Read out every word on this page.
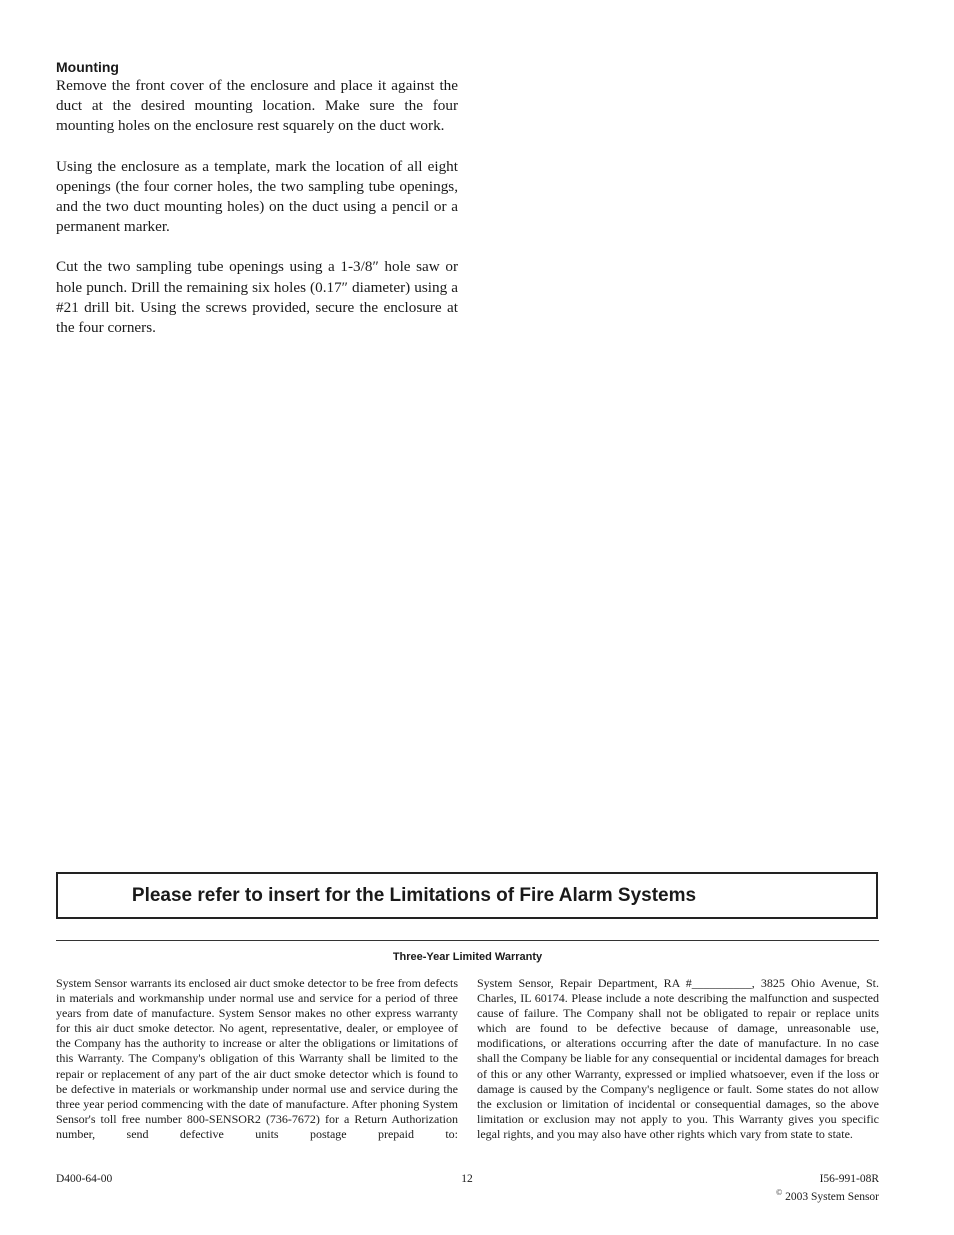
Mounting

Remove the front cover of the enclosure and place it against the duct at the desired mounting location. Make sure the four mounting holes on the enclosure rest squarely on the duct work.

Using the enclosure as a template, mark the location of all eight openings (the four corner holes, the two sampling tube openings, and the two duct mounting holes) on the duct using a pencil or a permanent marker.

Cut the two sampling tube openings using a 1-3/8″ hole saw or hole punch. Drill the remaining six holes (0.17″ diameter) using a #21 drill bit. Using the screws provided, secure the enclosure at the four corners.

Please refer to insert for the Limitations of Fire Alarm Systems
Three-Year Limited Warranty

System Sensor warrants its enclosed air duct smoke detector to be free from defects in materials and workmanship under normal use and service for a period of three years from date of manufacture. System Sensor makes no other express warranty for this air duct smoke detector. No agent, representative, dealer, or employee of the Company has the authority to increase or alter the obligations or limitations of this Warranty. The Company's obligation of this Warranty shall be limited to the repair or replacement of any part of the air duct smoke detector which is found to be defective in materials or workmanship under normal use and service during the three year period commencing with the date of manufacture. After phoning System Sensor's toll free number 800-SENSOR2 (736-7672) for a Return Authorization number, send defective units postage prepaid to:

System Sensor, Repair Department, RA #__________, 3825 Ohio Avenue, St. Charles, IL 60174. Please include a note describing the malfunction and suspected cause of failure. The Company shall not be obligated to repair or replace units which are found to be defective because of damage, unreasonable use, modifications, or alterations occurring after the date of manufacture. In no case shall the Company be liable for any consequential or incidental damages for breach of this or any other Warranty, expressed or implied whatsoever, even if the loss or damage is caused by the Company's negligence or fault. Some states do not allow the exclusion or limitation of incidental or consequential damages, so the above limitation or exclusion may not apply to you. This Warranty gives you specific legal rights, and you may also have other rights which vary from state to state.

D400-64-00	12	I56-991-08R
© 2003 System Sensor
